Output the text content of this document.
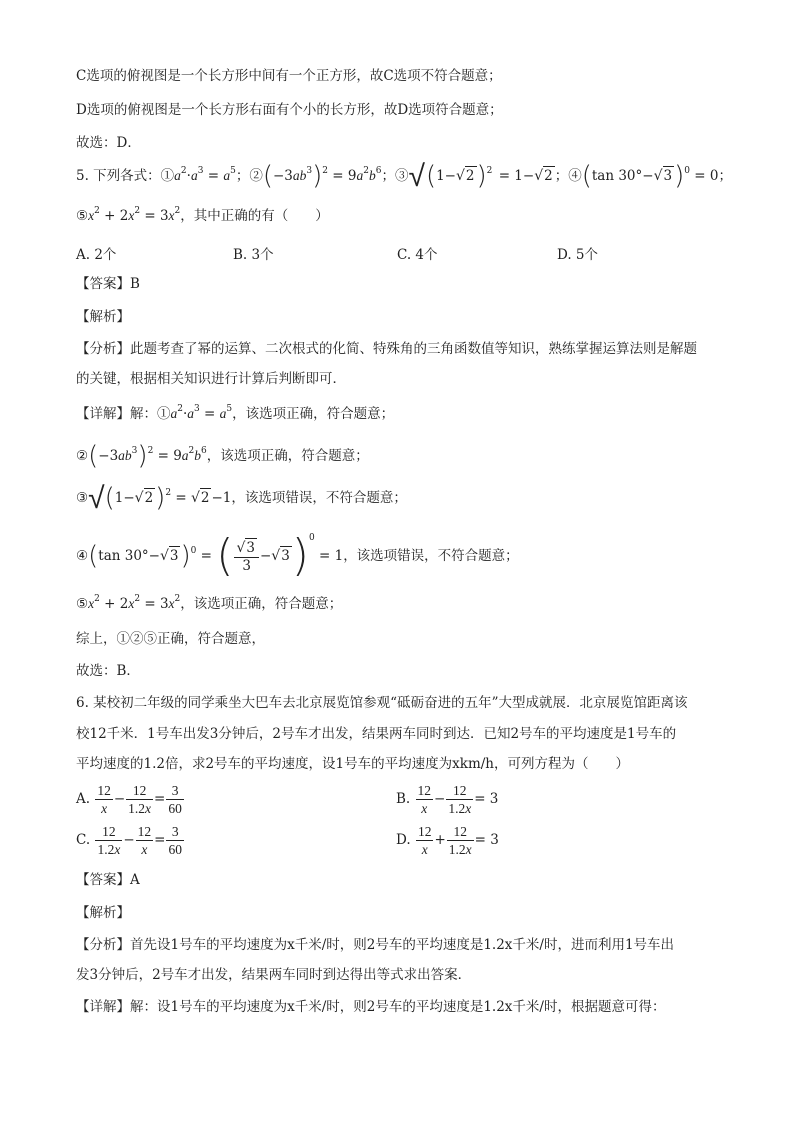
C选项的俯视图是一个长方形中间有一个正方形，故C选项不符合题意；
D选项的俯视图是一个长方形右面有个小的长方形，故D选项符合题意；
故选：D．
5. 下列各式：$①a^2\cdot a^3 = a^5$；$②(-3ab^3)^2 = 9a^2b^6$；$③√(1-√2)^2 = 1-√2$ ；④(tan 30°−√3)$^0$ = 0；
$⑤x^2 + 2x^2 = 3x^2$，其中正确的有（　　）
A. 2个	B. 3个	C. 4个	D. 5个
【答案】B
【解析】
【分析】此题考查了幂的运算、二次根式的化简、特殊角的三角函数值等知识，熟练掌握运算法则是解题
的关键，根据相关知识进行计算后判断即可．
【详解】解：$①a^2\cdot a^3 = a^5$，该选项正确，符合题意；
$②(-3ab^3)^2 = 9a^2b^6$，该选项正确，符合题意；
$③√(1-√2)^2 = √2 -1$，该选项错误，不符合题意；
④(tan 30°−√3)$^0$ = ( $\frac{√3}{3} -√3)^0 = 1$，该选项错误，不符合题意；
$⑤x^2 + 2x^2 = 3x^2$，该选项正确，符合题意；
综上，①②⑤正确，符合题意，
故选：B．
6. 某校初二年级的同学乘坐大巴车去北京展览馆参观“砥砺奋进的五年”大型成就展．北京展览馆距离该
校12千米．1号车出发3分钟后，2号车才出发，结果两车同时到达．已知2号车的平均速度是1号车的
平均速度的1.2倍，求2号车的平均速度，设1号车的平均速度为xkm/h，可列方程为（　　）
A. $\frac{12}{x} - \frac{12}{1.2x} = \frac{3}{60}$	B. $\frac{12}{x} - \frac{12}{1.2x} = 3$
C. $\frac{12}{1.2x} - \frac{12}{x} = \frac{3}{60}$	D. $\frac{12}{x} + \frac{12}{1.2x} = 3$
【答案】A
【解析】
【分析】首先设1号车的平均速度为x千米/时，则2号车的平均速度是1.2x千米/时，进而利用1号车出
发3分钟后，2号车才出发，结果两车同时到达得出等式求出答案．
【详解】解：设1号车的平均速度为x千米/时，则2号车的平均速度是1.2x千米/时，根据题意可得：
